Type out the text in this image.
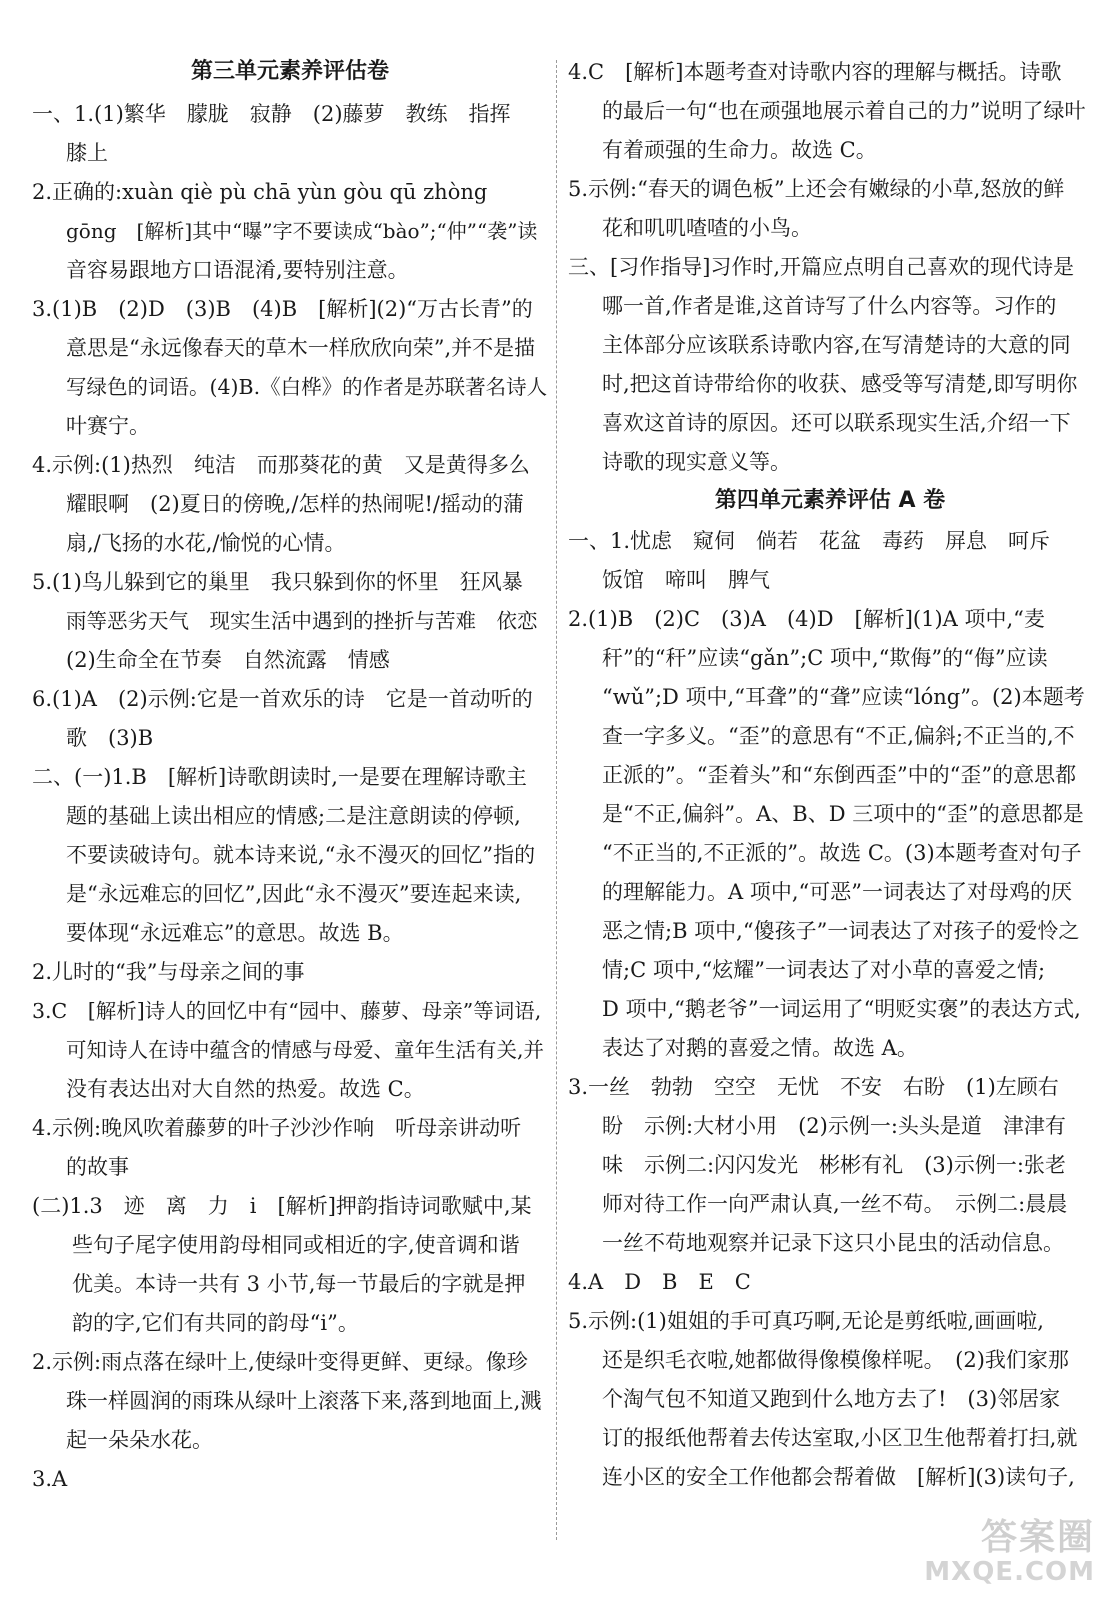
第三单元素养评估卷
一、1.(1)繁华　朦胧　寂静　(2)藤萝　教练　指挥
膝上
2.正确的:xuàn qiè pù chā yùn gòu qū zhòng
gōng　[解析]其中“曝”字不要读成“bào”;“仲”“袭”读
音容易跟地方口语混淆,要特别注意。
3.(1)B　(2)D　(3)B　(4)B　[解析](2)“万古长青”的
意思是“永远像春天的草木一样欣欣向荣”,并不是描
写绿色的词语。(4)B.《白桦》的作者是苏联著名诗人
叶赛宁。
4.示例:(1)热烈　纯洁　而那葵花的黄　又是黄得多么
耀眼啊　(2)夏日的傍晚,/怎样的热闹呢!/摇动的蒲
扇,/飞扬的水花,/愉悦的心情。
5.(1)鸟儿躲到它的巢里　我只躲到你的怀里　狂风暴
雨等恶劣天气　现实生活中遇到的挫折与苦难　依恋
(2)生命全在节奏　自然流露　情感
6.(1)A　(2)示例:它是一首欢乐的诗　它是一首动听的
歌　(3)B
二、(一)1.B　[解析]诗歌朗读时,一是要在理解诗歌主
题的基础上读出相应的情感;二是注意朗读的停顿,
不要读破诗句。就本诗来说,“永不漫灭的回忆”指的
是“永远难忘的回忆”,因此“永不漫灭”要连起来读,
要体现“永远难忘”的意思。故选 B。
2.儿时的“我”与母亲之间的事
3.C　[解析]诗人的回忆中有“园中、藤萝、母亲”等词语,
可知诗人在诗中蕴含的情感与母爱、童年生活有关,并
没有表达出对大自然的热爱。故选 C。
4.示例:晚风吹着藤萝的叶子沙沙作响　听母亲讲动听
的故事
(二)1.3　迹　离　力　i　[解析]押韵指诗词歌赋中,某
些句子尾字使用韵母相同或相近的字,使音调和谐
优美。本诗一共有 3 小节,每一节最后的字就是押
韵的字,它们有共同的韵母“i”。
2.示例:雨点落在绿叶上,使绿叶变得更鲜、更绿。像珍
珠一样圆润的雨珠从绿叶上滚落下来,落到地面上,溅
起一朵朵水花。
3.A
4.C　[解析]本题考查对诗歌内容的理解与概括。诗歌
的最后一句“也在顽强地展示着自己的力”说明了绿叶
有着顽强的生命力。故选 C。
5.示例:“春天的调色板”上还会有嫩绿的小草,怒放的鲜
花和叽叽喳喳的小鸟。
三、[习作指导]习作时,开篇应点明自己喜欢的现代诗是
哪一首,作者是谁,这首诗写了什么内容等。习作的
主体部分应该联系诗歌内容,在写清楚诗的大意的同
时,把这首诗带给你的收获、感受等写清楚,即写明你
喜欢这首诗的原因。还可以联系现实生活,介绍一下
诗歌的现实意义等。
第四单元素养评估 A 卷
一、1.忧虑　窥伺　倘若　花盆　毒药　屏息　呵斥
饭馆　啼叫　脾气
2.(1)B　(2)C　(3)A　(4)D　[解析](1)A 项中,“麦
秆”的“秆”应读“gǎn”;C 项中,“欺侮”的“侮”应读
“wǔ”;D 项中,“耳聋”的“聋”应读“lóng”。(2)本题考
查一字多义。“歪”的意思有“不正,偏斜;不正当的,不
正派的”。“歪着头”和“东倒西歪”中的“歪”的意思都
是“不正,偏斜”。A、B、D 三项中的“歪”的意思都是
“不正当的,不正派的”。故选 C。(3)本题考查对句子
的理解能力。A 项中,“可恶”一词表达了对母鸡的厌
恶之情;B 项中,“傻孩子”一词表达了对孩子的爱怜之
情;C 项中,“炫耀”一词表达了对小草的喜爱之情;
D 项中,“鹅老爷”一词运用了“明贬实褒”的表达方式,
表达了对鹅的喜爱之情。故选 A。
3.一丝　勃勃　空空　无忧　不安　右盼　(1)左顾右
盼　示例:大材小用　(2)示例一:头头是道　津津有
味　示例二:闪闪发光　彬彬有礼　(3)示例一:张老
师对待工作一向严肃认真,一丝不苟。　示例二:晨晨
一丝不苟地观察并记录下这只小昆虫的活动信息。
4.A　D　B　E　C
5.示例:(1)姐姐的手可真巧啊,无论是剪纸啦,画画啦,
还是织毛衣啦,她都做得像模像样呢。　(2)我们家那
个淘气包不知道又跑到什么地方去了!　(3)邻居家
订的报纸他帮着去传达室取,小区卫生他帮着打扫,就
连小区的安全工作他都会帮着做　[解析](3)读句子,
答案圈
MXQE.COM
